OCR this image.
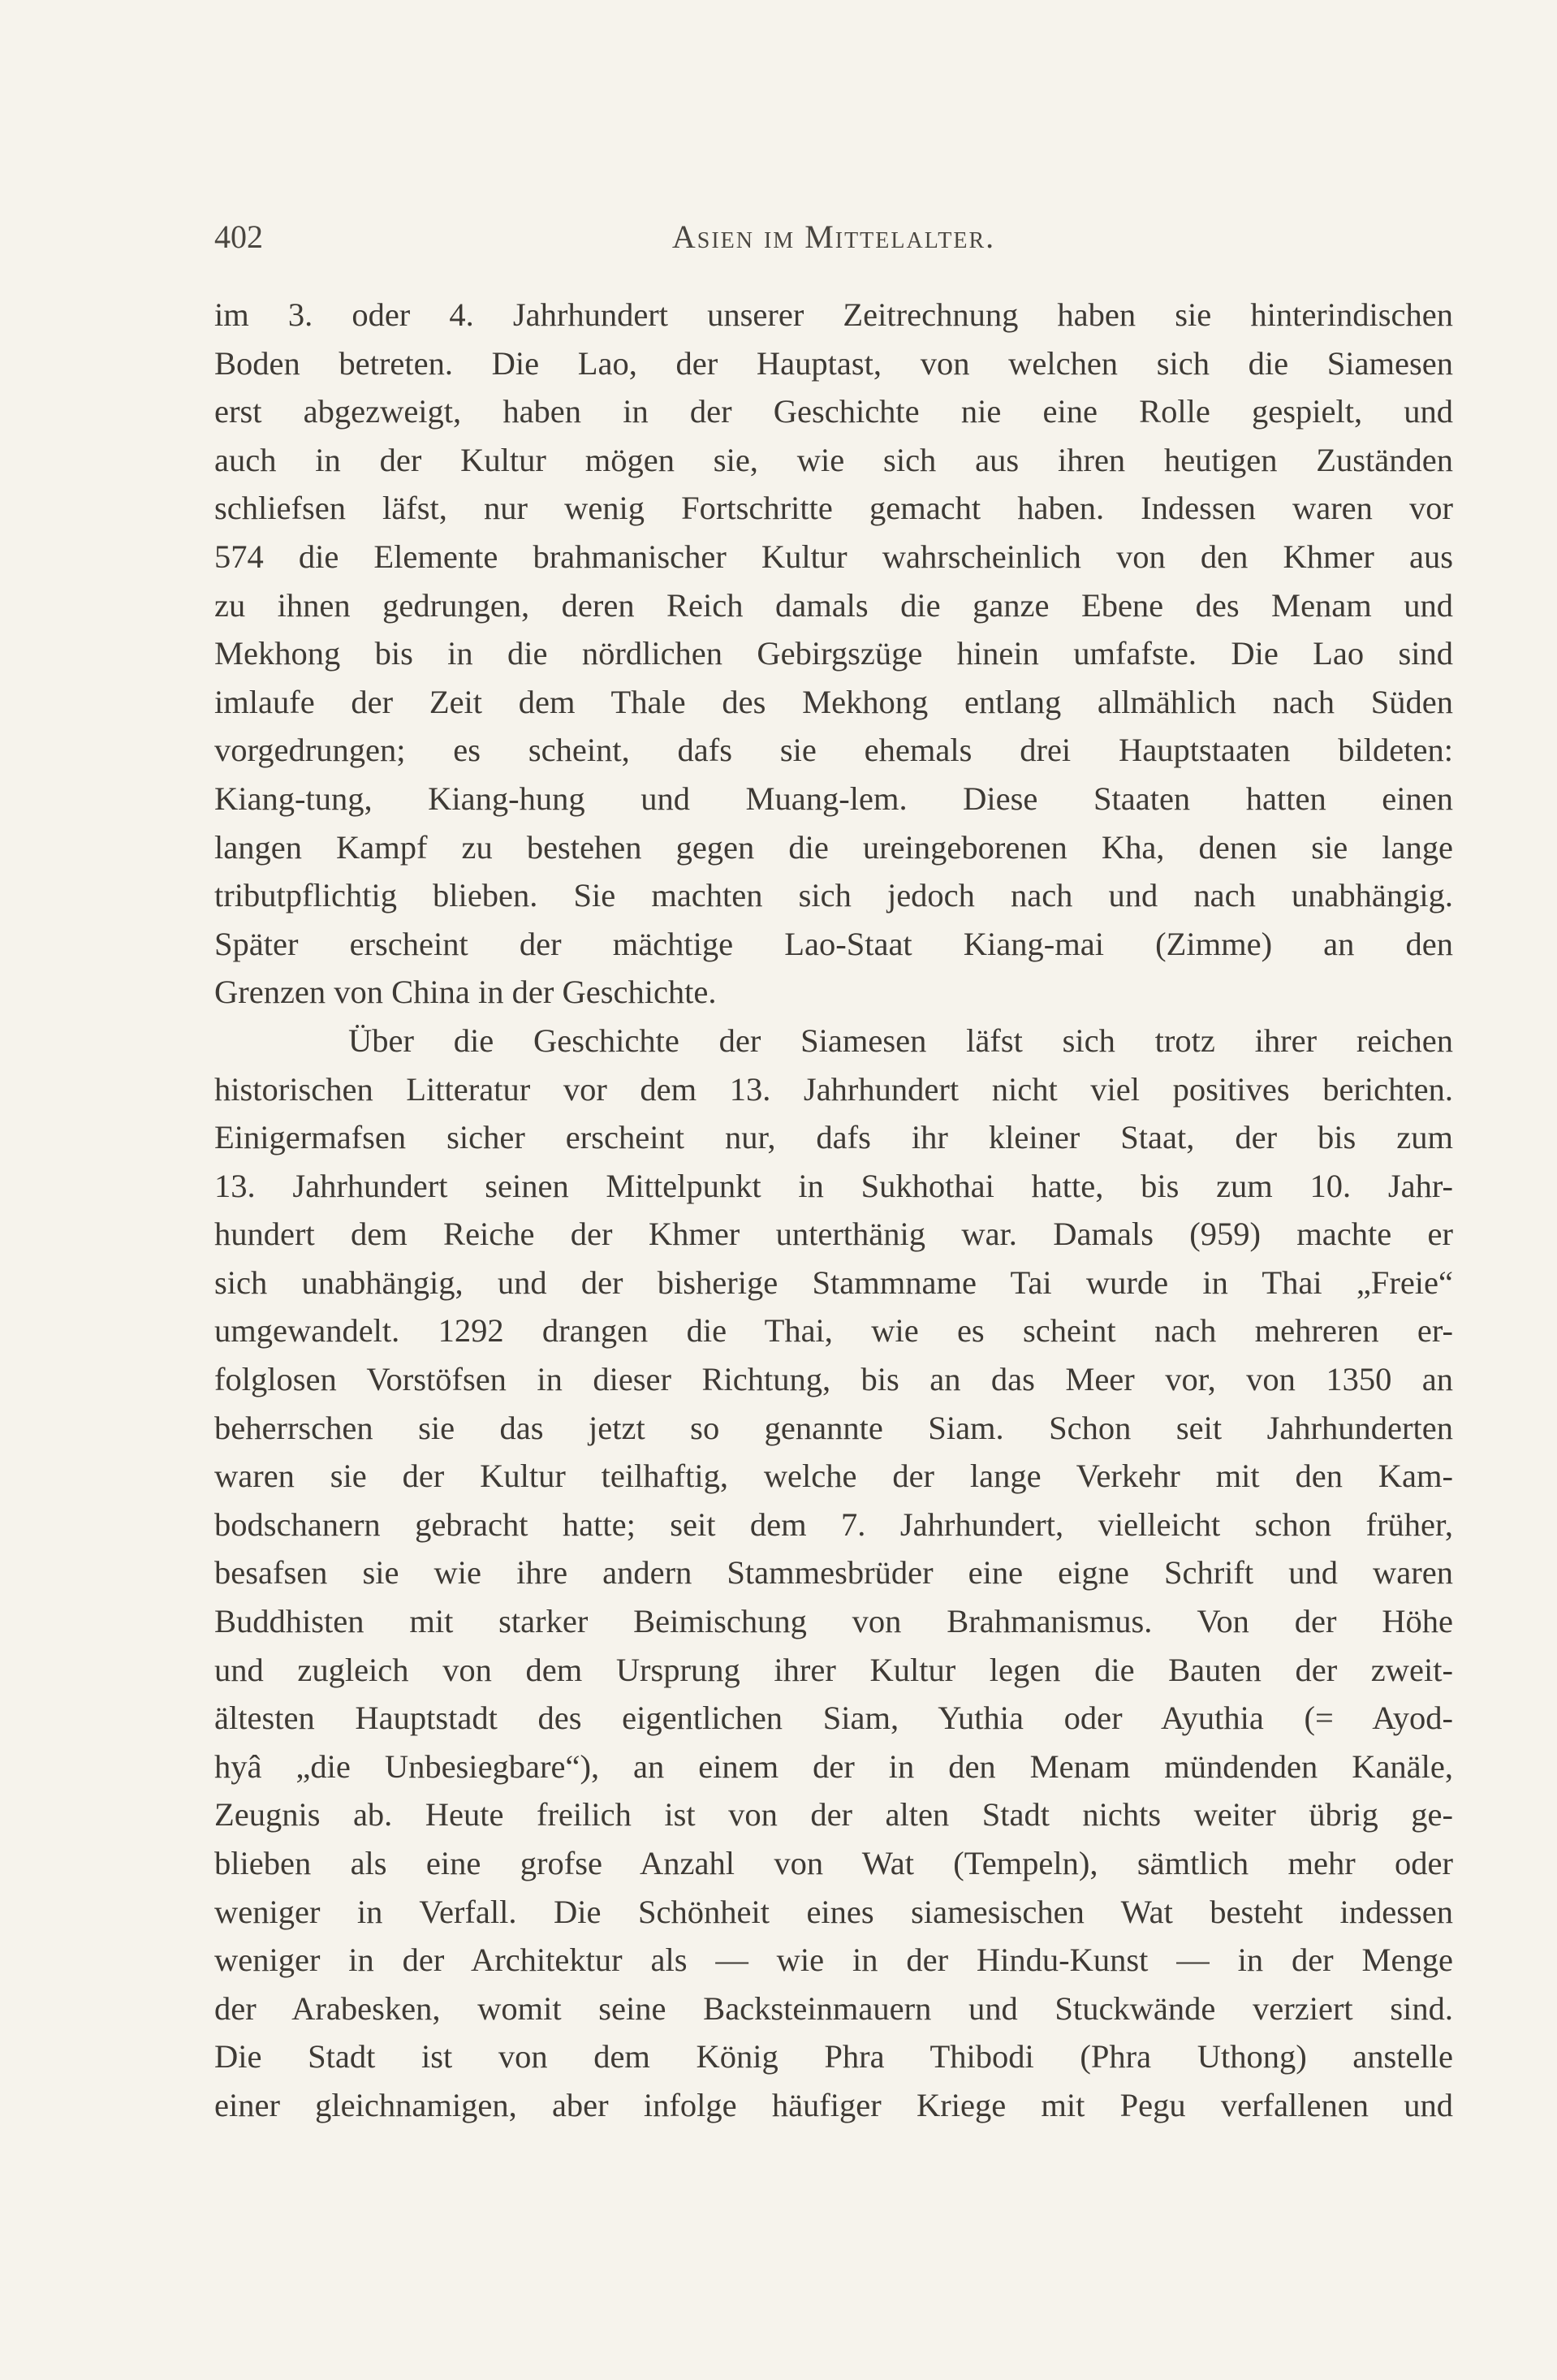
402	Asien im Mittelalter.
im 3. oder 4. Jahrhundert unserer Zeitrechnung haben sie hinterindischen
Boden betreten. Die Lao, der Hauptast, von welchen sich die Siamesen
erst abgezweigt, haben in der Geschichte nie eine Rolle gespielt, und
auch in der Kultur mögen sie, wie sich aus ihren heutigen Zuständen
schliefsen läfst, nur wenig Fortschritte gemacht haben. Indessen waren vor
574 die Elemente brahmanischer Kultur wahrscheinlich von den Khmer aus
zu ihnen gedrungen, deren Reich damals die ganze Ebene des Menam und
Mekhong bis in die nördlichen Gebirgszüge hinein umfafste. Die Lao sind
imlaufe der Zeit dem Thale des Mekhong entlang allmählich nach Süden
vorgedrungen; es scheint, dafs sie ehemals drei Hauptstaaten bildeten:
Kiang-tung, Kiang-hung und Muang-lem. Diese Staaten hatten einen
langen Kampf zu bestehen gegen die ureingeborenen Kha, denen sie lange
tributpflichtig blieben. Sie machten sich jedoch nach und nach unabhängig.
Später erscheint der mächtige Lao-Staat Kiang-mai (Zimme) an den
Grenzen von China in der Geschichte.
Über die Geschichte der Siamesen läfst sich trotz ihrer reichen
historischen Litteratur vor dem 13. Jahrhundert nicht viel positives berichten.
Einigermafsen sicher erscheint nur, dafs ihr kleiner Staat, der bis zum
13. Jahrhundert seinen Mittelpunkt in Sukhothai hatte, bis zum 10. Jahr-
hundert dem Reiche der Khmer unterthänig war. Damals (959) machte er
sich unabhängig, und der bisherige Stammname Tai wurde in Thai „Freie“
umgewandelt. 1292 drangen die Thai, wie es scheint nach mehreren er-
folglosen Vorstöfsen in dieser Richtung, bis an das Meer vor, von 1350 an
beherrschen sie das jetzt so genannte Siam. Schon seit Jahrhunderten
waren sie der Kultur teilhaftig, welche der lange Verkehr mit den Kam-
bodschanern gebracht hatte; seit dem 7. Jahrhundert, vielleicht schon früher,
besafsen sie wie ihre andern Stammesbrüder eine eigne Schrift und waren
Buddhisten mit starker Beimischung von Brahmanismus. Von der Höhe
und zugleich von dem Ursprung ihrer Kultur legen die Bauten der zweit-
ältesten Hauptstadt des eigentlichen Siam, Yuthia oder Ayuthia (= Ayod-
hyâ „die Unbesiegbare“), an einem der in den Menam mündenden Kanäle,
Zeugnis ab. Heute freilich ist von der alten Stadt nichts weiter übrig ge-
blieben als eine grofse Anzahl von Wat (Tempeln), sämtlich mehr oder
weniger in Verfall. Die Schönheit eines siamesischen Wat besteht indessen
weniger in der Architektur als — wie in der Hindu-Kunst — in der Menge
der Arabesken, womit seine Backsteinmauern und Stuckwände verziert sind.
Die Stadt ist von dem König Phra Thibodi (Phra Uthong) anstelle
einer gleichnamigen, aber infolge häufiger Kriege mit Pegu verfallenen und
